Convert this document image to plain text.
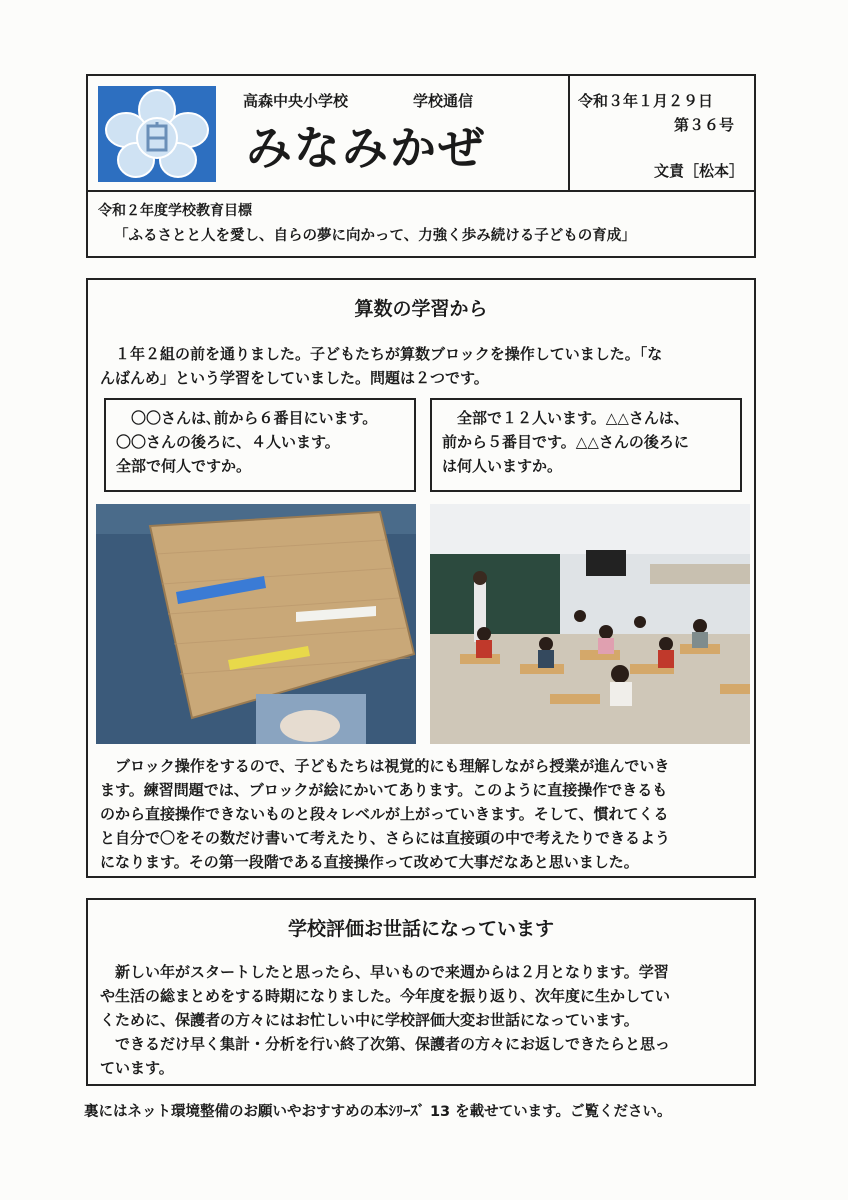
高森中央小学校	学校通信
みなみかぜ
令和３年１月２９日
第３６号
文責［松本］
令和２年度学校教育目標
「ふるさとと人を愛し、自らの夢に向かって、力強く歩み続ける子どもの育成」
算数の学習から
　１年２組の前を通りました。子どもたちが算数ブロックを操作していました。「な
んばんめ」という学習をしていました。問題は２つです。
　〇〇さんは､前から６番目にいます。
〇〇さんの後ろに、４人います。
全部で何人ですか。
　全部で１２人います。△△さんは、
前から５番目です。△△さんの後ろに
は何人いますか。
　ブロック操作をするので、子どもたちは視覚的にも理解しながら授業が進んでいき
ます。練習問題では、ブロックが絵にかいてあります。このように直接操作できるも
のから直接操作できないものと段々レベルが上がっていきます。そして、慣れてくる
と自分で〇をその数だけ書いて考えたり、さらには直接頭の中で考えたりできるよう
になります。その第一段階である直接操作って改めて大事だなあと思いました。
学校評価お世話になっています
　新しい年がスタートしたと思ったら、早いもので来週からは２月となります。学習
や生活の総まとめをする時期になりました。今年度を振り返り、次年度に生かしてい
くために、保護者の方々にはお忙しい中に学校評価大変お世話になっています。
　できるだけ早く集計・分析を行い終了次第、保護者の方々にお返しできたらと思っ
ています。
裏にはネット環境整備のお願いやおすすめの本ｼﾘｰｽﾞ 13 を載せています。ご覧ください。
